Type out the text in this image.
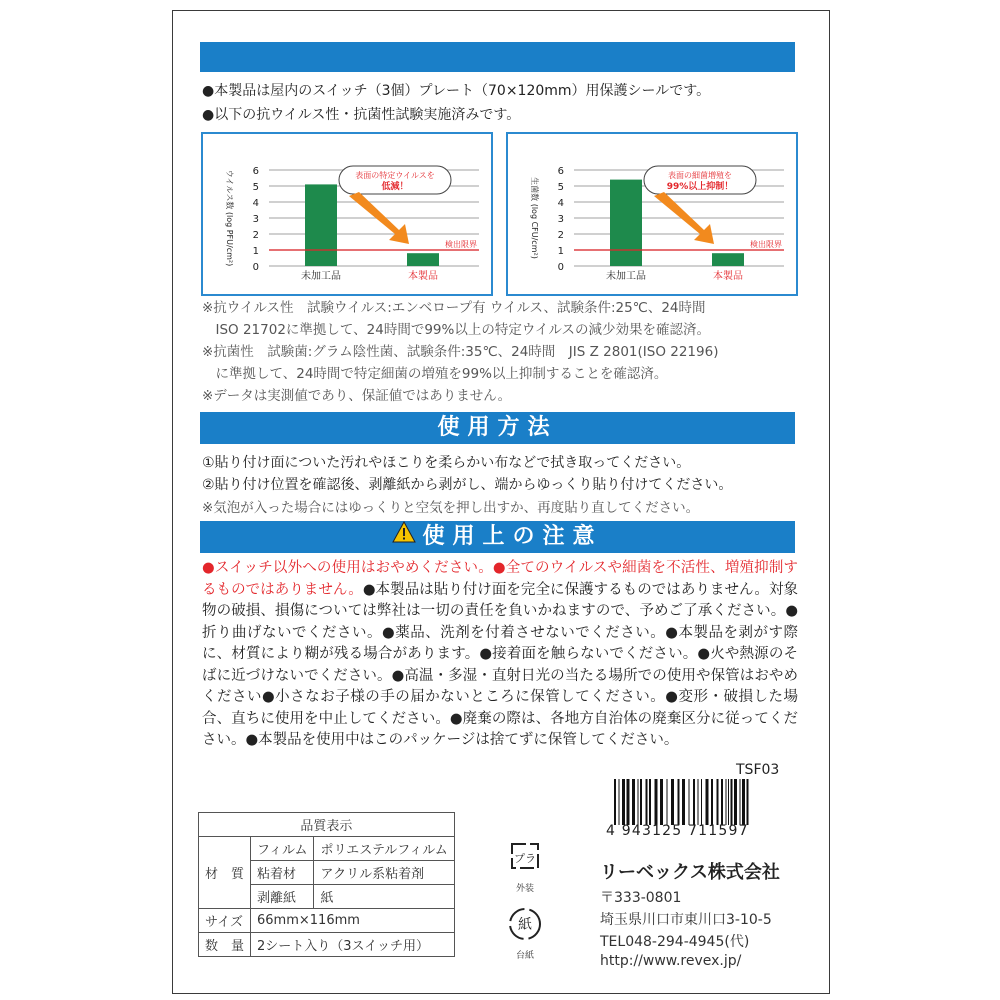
●本製品は屋内のスイッチ（3個）プレート（70×120mm）用保護シールです。
●以下の抗ウイルス性・抗菌性試験実施済みです。
0
1
2
3
4
5
6
ウイルス数 (log PFU/cm²)
未加工品	本製品
検出限界
表面の特定ウイルスを
低減！
0
1
2
3
4
5
6
生菌数 (log CFU/cm²)
未加工品	本製品
検出限界
表面の細菌増殖を
99%以上抑制！
※抗ウイルス性　試験ウイルス:エンベロープ有 ウイルス、試験条件:25℃、24時間
　ISO 21702に準拠して、24時間で99%以上の特定ウイルスの減少効果を確認済。
※抗菌性　試験菌:グラム陰性菌、試験条件:35℃、24時間　JIS Z 2801(ISO 22196)
　に準拠して、24時間で特定細菌の増殖を99%以上抑制することを確認済。
※データは実測値であり、保証値ではありません。
使用方法
①貼り付け面についた汚れやほこりを柔らかい布などで拭き取ってください。
②貼り付け位置を確認後、剥離紙から剥がし、端からゆっくり貼り付けてください。
※気泡が入った場合にはゆっくりと空気を押し出すか、再度貼り直してください。
使用上の注意
●スイッチ以外への使用はおやめください。●全てのウイルスや細菌を不活性、増殖抑制するものではありません。●本製品は貼り付け面を完全に保護するものではありません。対象物の破損、損傷については弊社は一切の責任を負いかねますので、予めご了承ください。●折り曲げないでください。●薬品、洗剤を付着させないでください。●本製品を剥がす際に、材質により糊が残る場合があります。●接着面を触らないでください。●火や熱源のそばに近づけないでください。●高温・多湿・直射日光の当たる場所での使用や保管はおやめください●小さなお子様の手の届かないところに保管してください。●変形・破損した場合、直ちに使用を中止してください。●廃棄の際は、各地方自治体の廃棄区分に従ってください。●本製品を使用中はこのパッケージは捨てずに保管してください。
TSF03
品質表示		
材　質	フィルム	ポリエステルフィルム
	粘着材	アクリル系粘着剤
	剥離紙	紙
サイズ	66mm×116mm	
数　量	2シート入り（3スイッチ用）	
プラ
外装
紙
台紙
4 943125 711597
リーベックス株式会社
〒333-0801
埼玉県川口市東川口3-10-5
TEL048-294-4945(代)
http://www.revex.jp/
